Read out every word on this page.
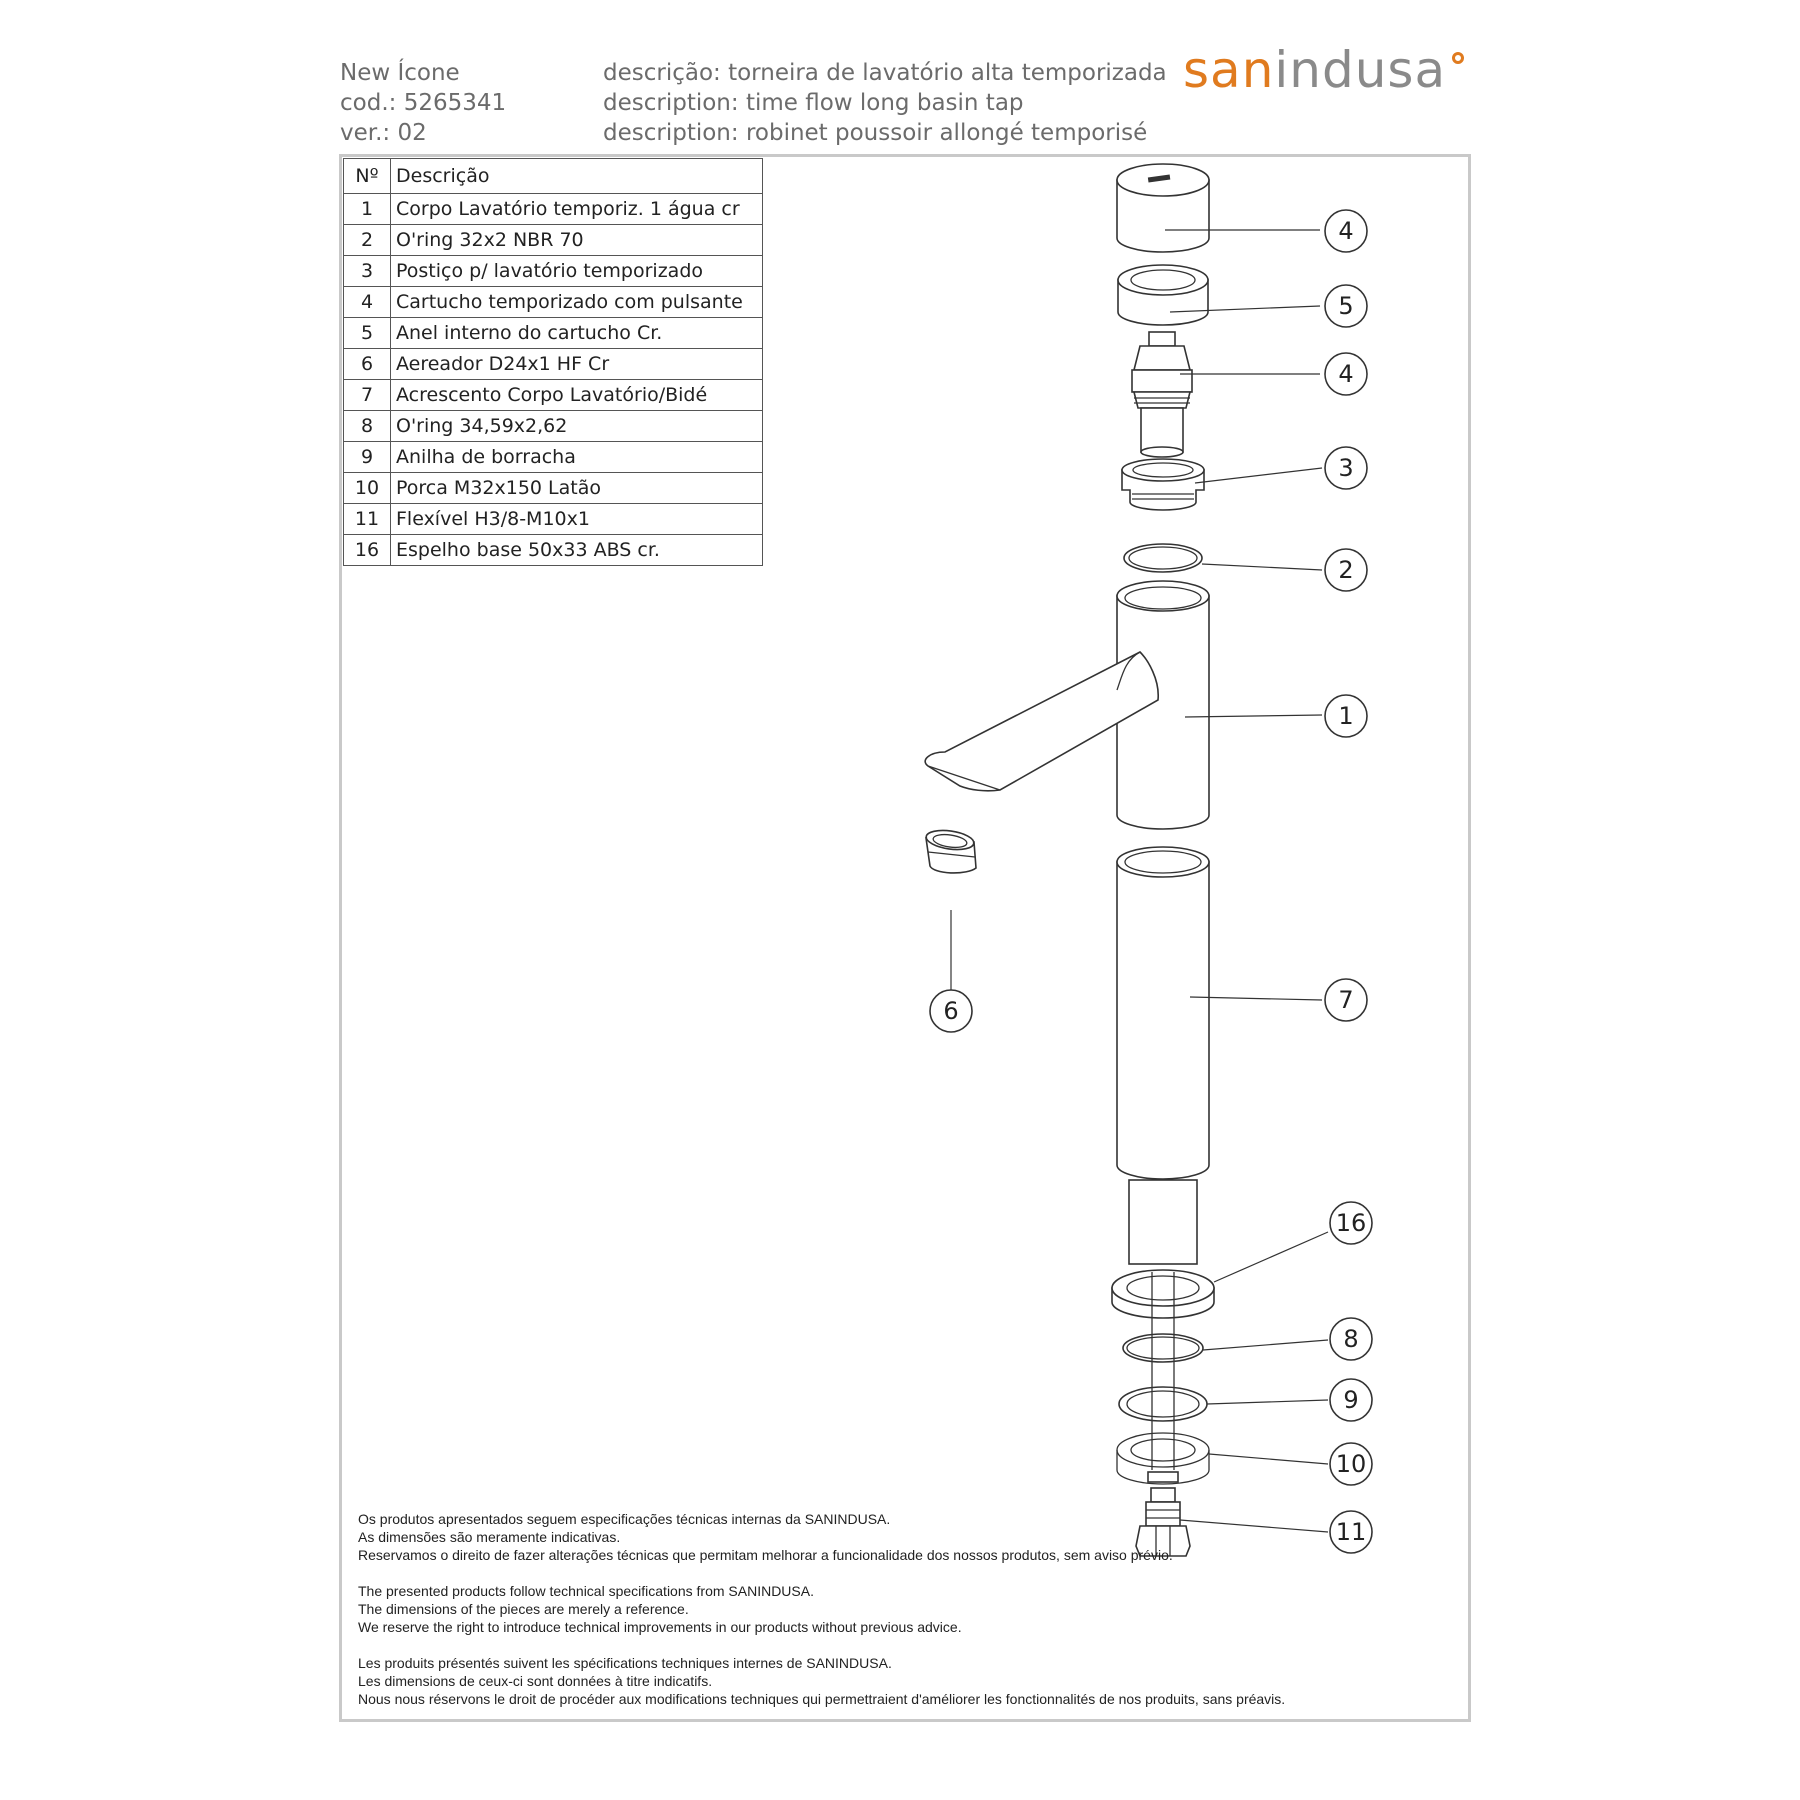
New Ícone
cod.: 5265341
ver.: 02
descrição: torneira de lavatório alta temporizada
description: time flow long basin tap
description: robinet poussoir allongé temporisé
sanindusa
4
5
4
3
2
1
6	7
16
8
9
10
11
Nº	Descrição
1	Corpo Lavatório temporiz. 1 água cr
2	O'ring 32x2 NBR 70
3	Postiço p/ lavatório temporizado
4	Cartucho temporizado com pulsante
5	Anel interno do cartucho Cr.
6	Aereador D24x1 HF Cr
7	Acrescento Corpo Lavatório/Bidé
8	O'ring 34,59x2,62
9	Anilha de borracha
10	Porca M32x150 Latão
11	Flexível H3/8-M10x1
16	Espelho base 50x33 ABS cr.
Os produtos apresentados seguem especificações técnicas internas da SANINDUSA.
As dimensões são meramente indicativas.
Reservamos o direito de fazer alterações técnicas que permitam melhorar a funcionalidade dos nossos produtos, sem aviso prévio.
The presented products follow technical specifications from SANINDUSA.
The dimensions of the pieces are merely a reference.
We reserve the right to introduce technical improvements in our products without previous advice.
Les produits présentés suivent les spécifications techniques internes de SANINDUSA.
Les dimensions de ceux-ci sont données à titre indicatifs.
Nous nous réservons le droit de procéder aux modifications techniques qui permettraient d'améliorer les fonctionnalités de nos produits, sans préavis.
